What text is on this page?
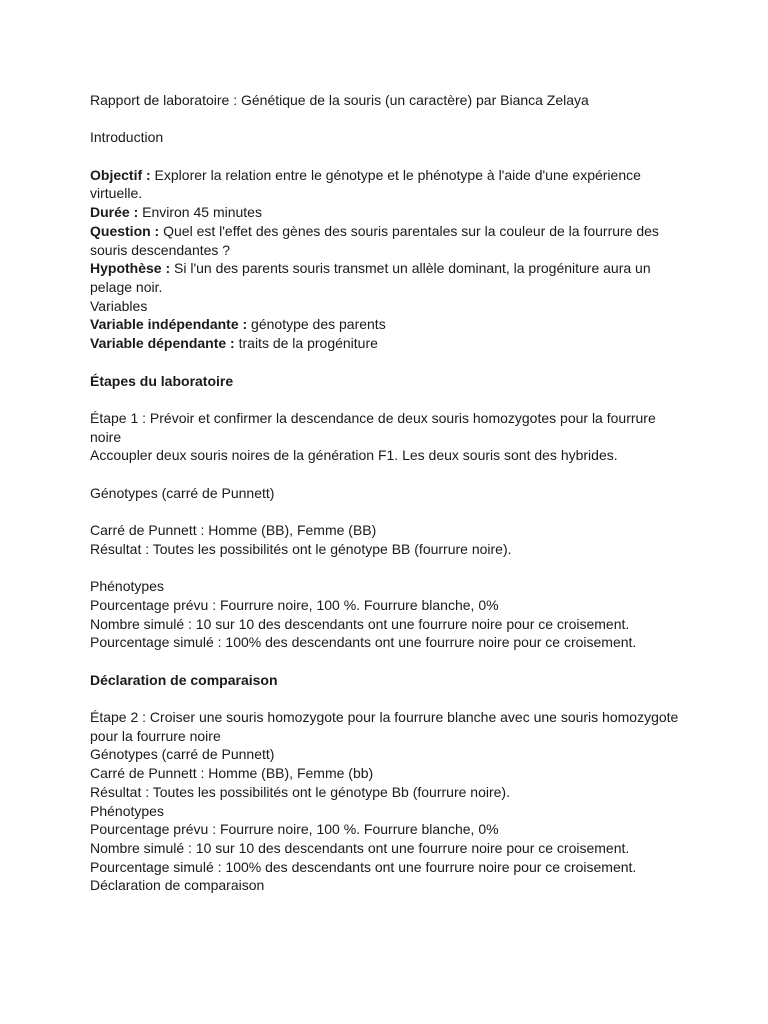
Rapport de laboratoire : Génétique de la souris (un caractère) par Bianca Zelaya

Introduction

Objectif : Explorer la relation entre le génotype et le phénotype à l'aide d'une expérience virtuelle.

Durée : Environ 45 minutes

Question : Quel est l'effet des gènes des souris parentales sur la couleur de la fourrure des souris descendantes ?

Hypothèse : Si l'un des parents souris transmet un allèle dominant, la progéniture aura un pelage noir.

Variables

Variable indépendante : génotype des parents

Variable dépendante : traits de la progéniture

Étapes du laboratoire

Étape 1 : Prévoir et confirmer la descendance de deux souris homozygotes pour la fourrure noire

Accoupler deux souris noires de la génération F1. Les deux souris sont des hybrides.

Génotypes (carré de Punnett)

Carré de Punnett : Homme (BB), Femme (BB)

Résultat : Toutes les possibilités ont le génotype BB (fourrure noire).

Phénotypes

Pourcentage prévu : Fourrure noire, 100 %. Fourrure blanche, 0%

Nombre simulé : 10 sur 10 des descendants ont une fourrure noire pour ce croisement.

Pourcentage simulé : 100% des descendants ont une fourrure noire pour ce croisement.

Déclaration de comparaison

Étape 2 : Croiser une souris homozygote pour la fourrure blanche avec une souris homozygote pour la fourrure noire

Génotypes (carré de Punnett)

Carré de Punnett : Homme (BB), Femme (bb)

Résultat : Toutes les possibilités ont le génotype Bb (fourrure noire).

Phénotypes

Pourcentage prévu : Fourrure noire, 100 %. Fourrure blanche, 0%

Nombre simulé : 10 sur 10 des descendants ont une fourrure noire pour ce croisement.

Pourcentage simulé : 100% des descendants ont une fourrure noire pour ce croisement.

Déclaration de comparaison
